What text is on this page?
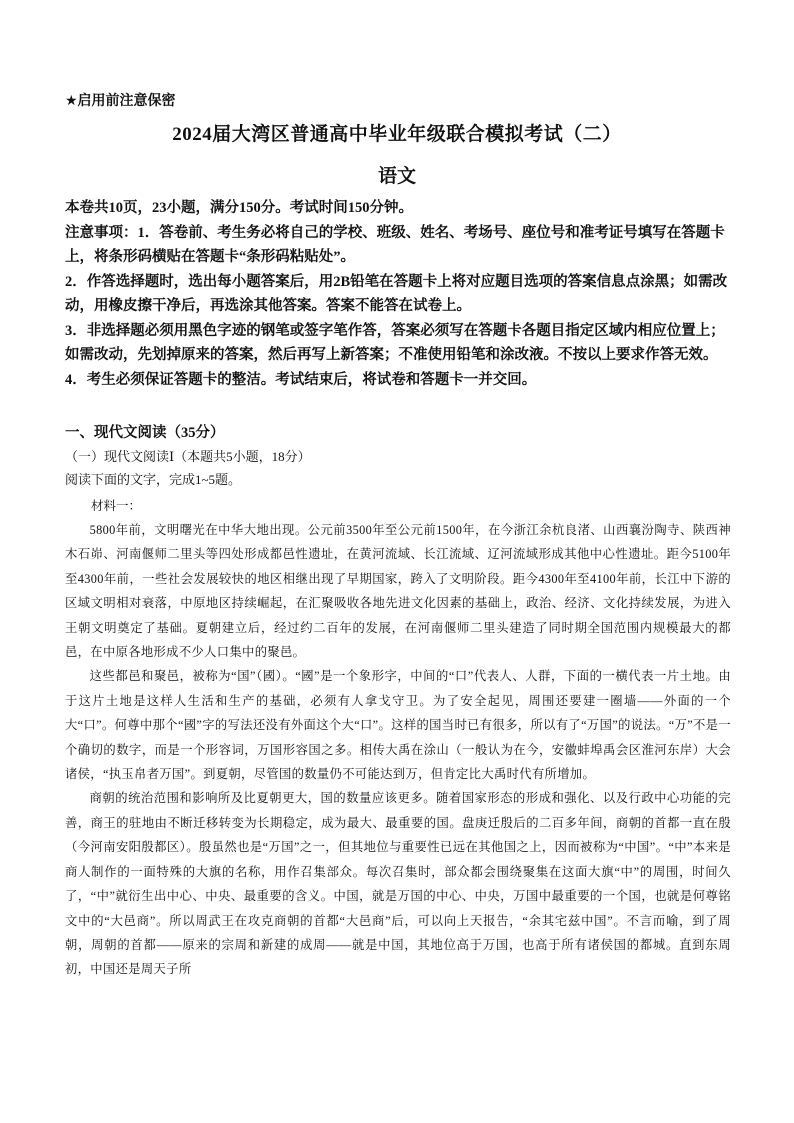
★启用前注意保密
2024届大湾区普通高中毕业年级联合模拟考试（二）
语文

本卷共10页，23小题，满分150分。考试时间150分钟。

注意事项：1．答卷前、考生务必将自己的学校、班级、姓名、考场号、座位号和准考证号填写在答题卡上，将条形码横贴在答题卡“条形码粘贴处”。

2．作答选择题时，选出每小题答案后，用2B铅笔在答题卡上将对应题目选项的答案信息点涂黑；如需改动，用橡皮擦干净后，再选涂其他答案。答案不能答在试卷上。

3．非选择题必须用黑色字迹的钢笔或签字笔作答，答案必须写在答题卡各题目指定区域内相应位置上；如需改动，先划掉原来的答案，然后再写上新答案；不准使用铅笔和涂改液。不按以上要求作答无效。

4．考生必须保证答题卡的整洁。考试结束后，将试卷和答题卡一并交回。

一、现代文阅读（35分）
（一）现代文阅读Ⅰ（本题共5小题，18分）
阅读下面的文字，完成1~5题。
材料一：

5800年前，文明曙光在中华大地出现。公元前3500年至公元前1500年，在今浙江余杭良渚、山西襄汾陶寺、陕西神木石峁、河南偃师二里头等四处形成都邑性遗址，在黄河流域、长江流域、辽河流域形成其他中心性遗址。距今5100年至4300年前，一些社会发展较快的地区相继出现了早期国家，跨入了文明阶段。距今4300年至4100年前，长江中下游的区域文明相对衰落，中原地区持续崛起，在汇聚吸收各地先进文化因素的基础上，政治、经济、文化持续发展，为进入王朝文明奠定了基础。夏朝建立后，经过约二百年的发展，在河南偃师二里头建造了同时期全国范围内规模最大的都邑，在中原各地形成不少人口集中的聚邑。

这些都邑和聚邑，被称为“国”（國）。“國”是一个象形字，中间的“口”代表人、人群，下面的一横代表一片土地。由于这片土地是这样人生活和生产的基础，必须有人拿戈守卫。为了安全起见，周围还要建一圈墙——外面的一个大“口”。何尊中那个“國”字的写法还没有外面这个大“口”。这样的国当时已有很多，所以有了“万国”的说法。“万”不是一个确切的数字，而是一个形容词，万国形容国之多。相传大禹在涂山（一般认为在今，安徽蚌埠禹会区淮河东岸）大会诸侯，“执玉帛者万国”。到夏朝，尽管国的数量仍不可能达到万，但肯定比大禹时代有所增加。

商朝的统治范围和影响所及比夏朝更大，国的数量应该更多。随着国家形态的形成和强化、以及行政中心功能的完善，商王的驻地由不断迁移转变为长期稳定，成为最大、最重要的国。盘庚迁殷后的二百多年间，商朝的首都一直在殷（今河南安阳殷都区）。殷虽然也是“万国”之一，但其地位与重要性已远在其他国之上，因而被称为“中国”。“中”本来是商人制作的一面特殊的大旗的名称，用作召集部众。每次召集时，部众都会围绕聚集在这面大旗“中”的周围，时间久了，“中”就衍生出中心、中央、最重要的含义。中国，就是万国的中心、中央，万国中最重要的一个国，也就是何尊铭文中的“大邑商”。所以周武王在攻克商朝的首都“大邑商”后，可以向上天报告，“余其宅兹中国”。不言而喻，到了周朝，周朝的首都——原来的宗周和新建的成周——就是中国，其地位高于万国，也高于所有诸侯国的都城。直到东周初，中国还是周天子所
